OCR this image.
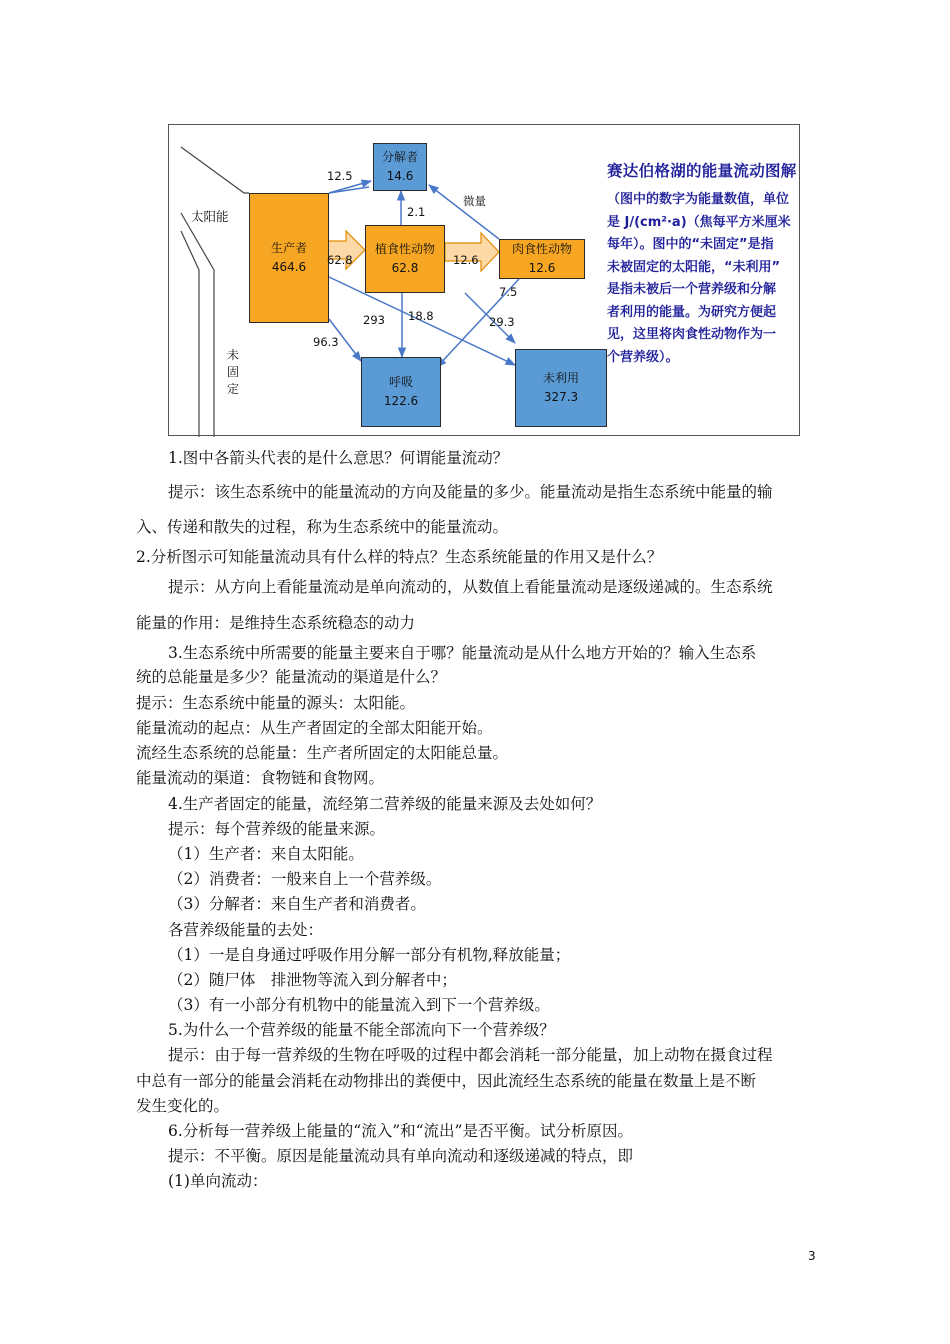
太阳能
未固定
分解者
14.6
生产者
464.6
植食性动物
62.8
肉食性动物
12.6
呼吸
122.6
未利用
327.3
12.5
2.1
微量
62.8	12.6
7.5
293 18.8	29.3
96.3
赛达伯格湖的能量流动图解
（图中的数字为能量数值，单位
是 J/(cm²·a)（焦每平方米厘米
每年）。图中的“未固定”是指
未被固定的太阳能，“未利用”
是指未被后一个营养级和分解
者利用的能量。为研究方便起
见，这里将肉食性动物作为一
个营养级）。
1.图中各箭头代表的是什么意思？何谓能量流动？
提示：该生态系统中的能量流动的方向及能量的多少。能量流动是指生态系统中能量的输
入、传递和散失的过程，称为生态系统中的能量流动。
2.分析图示可知能量流动具有什么样的特点？生态系统能量的作用又是什么？
提示：从方向上看能量流动是单向流动的，从数值上看能量流动是逐级递减的。生态系统
能量的作用：是维持生态系统稳态的动力
3.生态系统中所需要的能量主要来自于哪？能量流动是从什么地方开始的？输入生态系
统的总能量是多少？能量流动的渠道是什么？
提示：生态系统中能量的源头：太阳能。
能量流动的起点：从生产者固定的全部太阳能开始。
流经生态系统的总能量：生产者所固定的太阳能总量。
能量流动的渠道：食物链和食物网。
4.生产者固定的能量，流经第二营养级的能量来源及去处如何？
提示：每个营养级的能量来源。
（1）生产者：来自太阳能。
（2）消费者：一般来自上一个营养级。
（3）分解者：来自生产者和消费者。
各营养级能量的去处：
（1）一是自身通过呼吸作用分解一部分有机物,释放能量；
（2）随尸体　排泄物等流入到分解者中；
（3）有一小部分有机物中的能量流入到下一个营养级。
5.为什么一个营养级的能量不能全部流向下一个营养级？
提示：由于每一营养级的生物在呼吸的过程中都会消耗一部分能量，加上动物在摄食过程
中总有一部分的能量会消耗在动物排出的粪便中，因此流经生态系统的能量在数量上是不断
发生变化的。
6.分析每一营养级上能量的“流入”和“流出”是否平衡。试分析原因。
提示：不平衡。原因是能量流动具有单向流动和逐级递减的特点，即
(1)单向流动：
3
